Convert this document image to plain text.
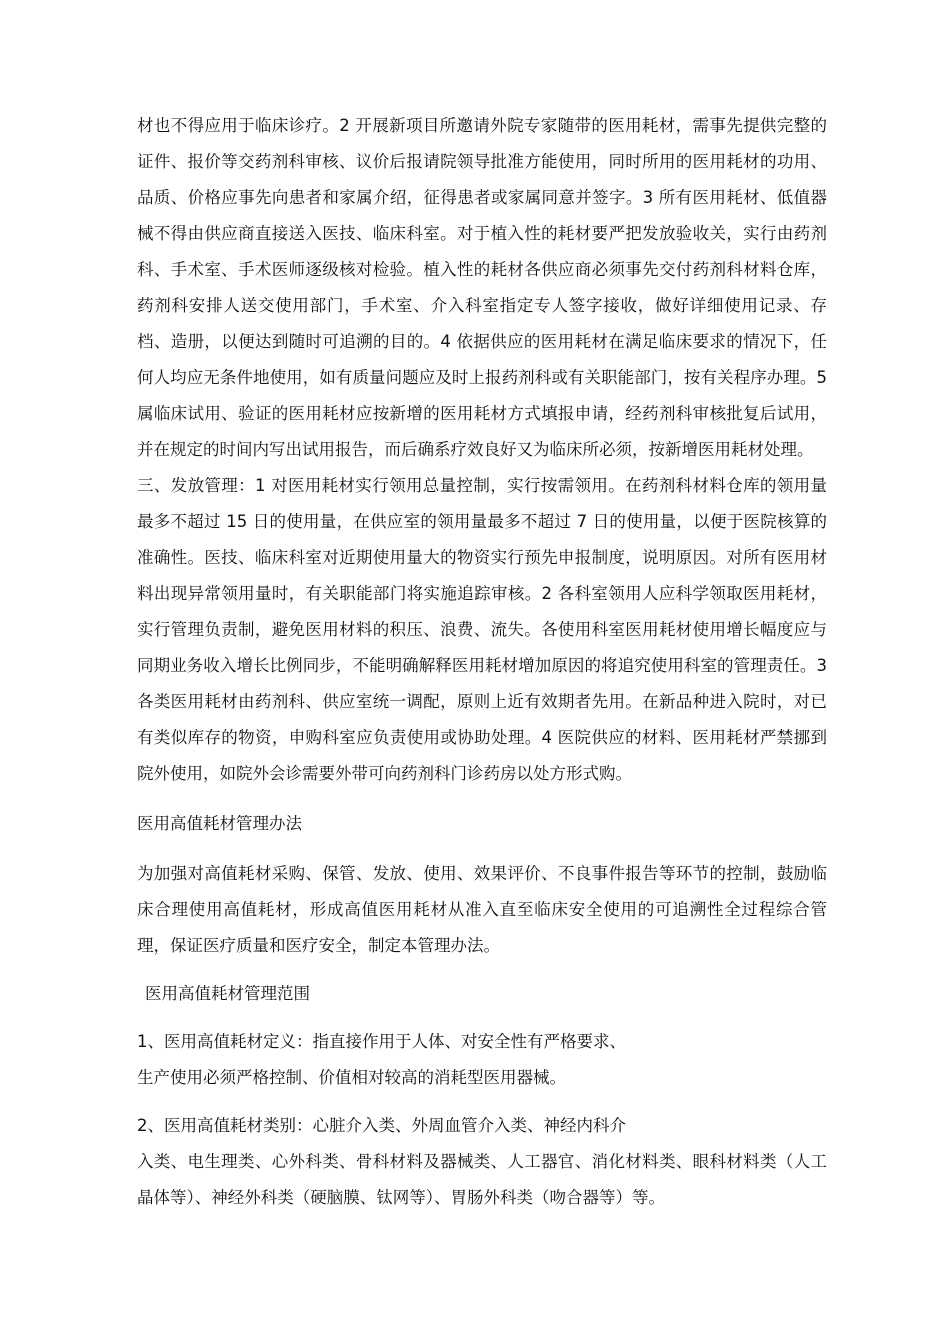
材也不得应用于临床诊疗。2 开展新项目所邀请外院专家随带的医用耗材，需事先提供完整的证件、报价等交药剂科审核、议价后报请院领导批准方能使用，同时所用的医用耗材的功用、品质、价格应事先向患者和家属介绍，征得患者或家属同意并签字。3 所有医用耗材、低值器械不得由供应商直接送入医技、临床科室。对于植入性的耗材要严把发放验收关，实行由药剂科、手术室、手术医师逐级核对检验。植入性的耗材各供应商必须事先交付药剂科材料仓库，药剂科安排人送交使用部门，手术室、介入科室指定专人签字接收，做好详细使用记录、存档、造册，以便达到随时可追溯的目的。4 依据供应的医用耗材在满足临床要求的情况下，任何人均应无条件地使用，如有质量问题应及时上报药剂科或有关职能部门，按有关程序办理。5 属临床试用、验证的医用耗材应按新增的医用耗材方式填报申请，经药剂科审核批复后试用，并在规定的时间内写出试用报告，而后确系疗效良好又为临床所必须，按新增医用耗材处理。

三、发放管理：1 对医用耗材实行领用总量控制，实行按需领用。在药剂科材料仓库的领用量最多不超过 15 日的使用量，在供应室的领用量最多不超过 7 日的使用量，以便于医院核算的准确性。医技、临床科室对近期使用量大的物资实行预先申报制度，说明原因。对所有医用材料出现异常领用量时，有关职能部门将实施追踪审核。2 各科室领用人应科学领取医用耗材，实行管理负责制，避免医用材料的积压、浪费、流失。各使用科室医用耗材使用增长幅度应与同期业务收入增长比例同步，不能明确解释医用耗材增加原因的将追究使用科室的管理责任。3 各类医用耗材由药剂科、供应室统一调配，原则上近有效期者先用。在新品种进入院时，对已有类似库存的物资，申购科室应负责使用或协助处理。4 医院供应的材料、医用耗材严禁挪到院外使用，如院外会诊需要外带可向药剂科门诊药房以处方形式购。

医用高值耗材管理办法

为加强对高值耗材采购、保管、发放、使用、效果评价、不良事件报告等环节的控制，鼓励临床合理使用高值耗材，形成高值医用耗材从准入直至临床安全使用的可追溯性全过程综合管理，保证医疗质量和医疗安全，制定本管理办法。

医用高值耗材管理范围

1、医用高值耗材定义：指直接作用于人体、对安全性有严格要求、
生产使用必须严格控制、价值相对较高的消耗型医用器械。
2、医用高值耗材类别：心脏介入类、外周血管介入类、神经内科介

入类、电生理类、心外科类、骨科材料及器械类、人工器官、消化材料类、眼科材料类（人工晶体等）、神经外科类（硬脑膜、钛网等）、胃肠外科类（吻合器等）等。
